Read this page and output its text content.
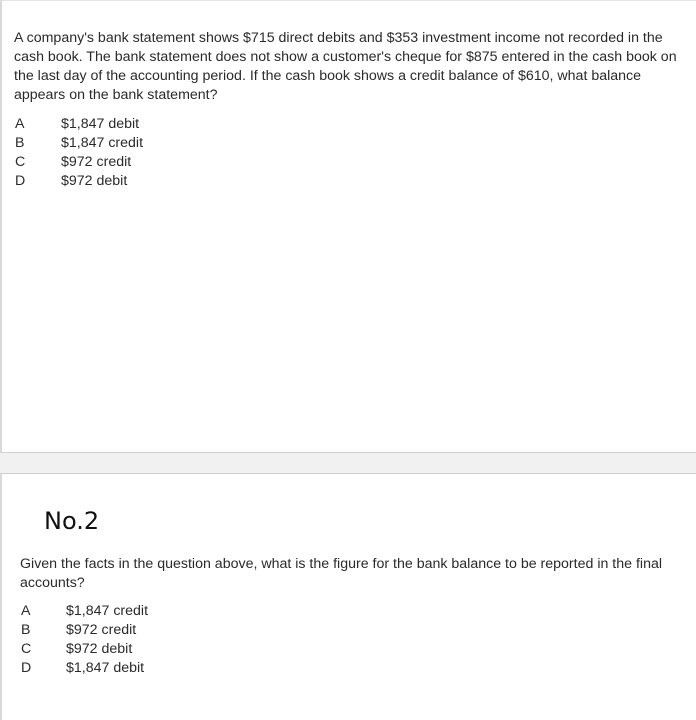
A company's bank statement shows $715 direct debits and $353 investment income not recorded in the cash book. The bank statement does not show a customer's cheque for $875 entered in the cash book on the last day of the accounting period. If the cash book shows a credit balance of $610, what balance appears on the bank statement?

A	$1,847 debit
B	$1,847 credit
C	$972 credit
D	$972 debit
No.2

Given the facts in the question above, what is the figure for the bank balance to be reported in the final accounts?

A	$1,847 credit
B	$972 credit
C $972 debit
D $1,847 debit
